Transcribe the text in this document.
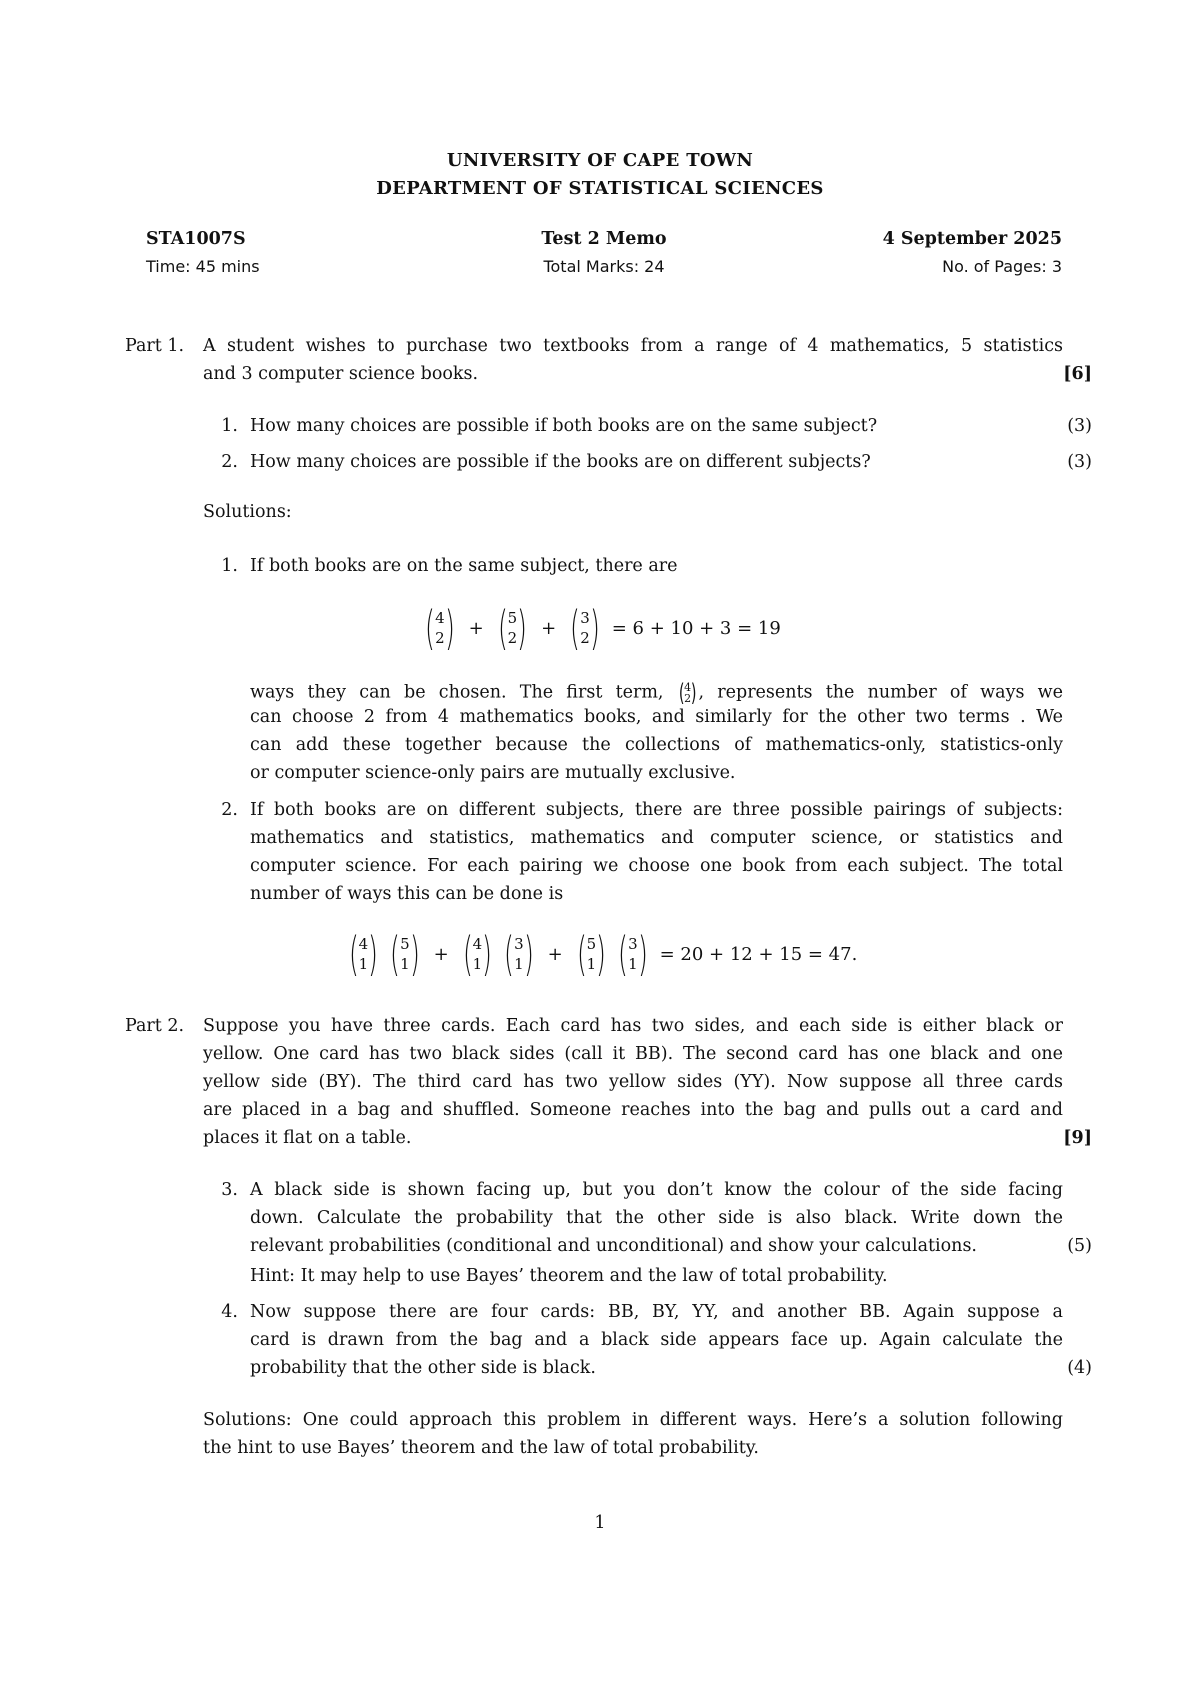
UNIVERSITY OF CAPE TOWN
DEPARTMENT OF STATISTICAL SCIENCES
STA1007S	Test 2 Memo	4 September 2025
Time: 45 mins	Total Marks: 24	No. of Pages: 3
Part 1. A student wishes to purchase two textbooks from a range of 4 mathematics, 5 statistics
and 3 computer science books.	[6]
1. How many choices are possible if both books are on the same subject?	(3)
2. How many choices are possible if the books are on different subjects?	(3)
Solutions:
1. If both books are on the same subject, there are
( 4
2 ) + ( 5
2 ) + ( 3
2 ) = 6 + 10 + 3 = 19
ways they can be chosen. The first term, ( 4
2 ) , represents the number of ways we
can choose 2 from 4 mathematics books, and similarly for the other two terms . We
can add these together because the collections of mathematics-only, statistics-only
or computer science-only pairs are mutually exclusive.
2. If both books are on different subjects, there are three possible pairings of subjects:
mathematics and statistics, mathematics and computer science, or statistics and
computer science. For each pairing we choose one book from each subject. The total
number of ways this can be done is
( 4
1 ) ( 5
1 ) + ( 4
1 ) ( 3
1 ) + ( 5
1 ) ( 3
1 ) = 20 + 12 + 15 = 47.
Part 2. Suppose you have three cards. Each card has two sides, and each side is either black or
yellow. One card has two black sides (call it BB). The second card has one black and one
yellow side (BY). The third card has two yellow sides (YY). Now suppose all three cards
are placed in a bag and shuffled. Someone reaches into the bag and pulls out a card and
places it flat on a table.	[9]
3. A black side is shown facing up, but you don’t know the colour of the side facing
down. Calculate the probability that the other side is also black. Write down the
relevant probabilities (conditional and unconditional) and show your calculations.	(5)
Hint: It may help to use Bayes’ theorem and the law of total probability.
4. Now suppose there are four cards: BB, BY, YY, and another BB. Again suppose a
card is drawn from the bag and a black side appears face up. Again calculate the
probability that the other side is black.	(4)
Solutions: One could approach this problem in different ways. Here’s a solution following
the hint to use Bayes’ theorem and the law of total probability.
1
